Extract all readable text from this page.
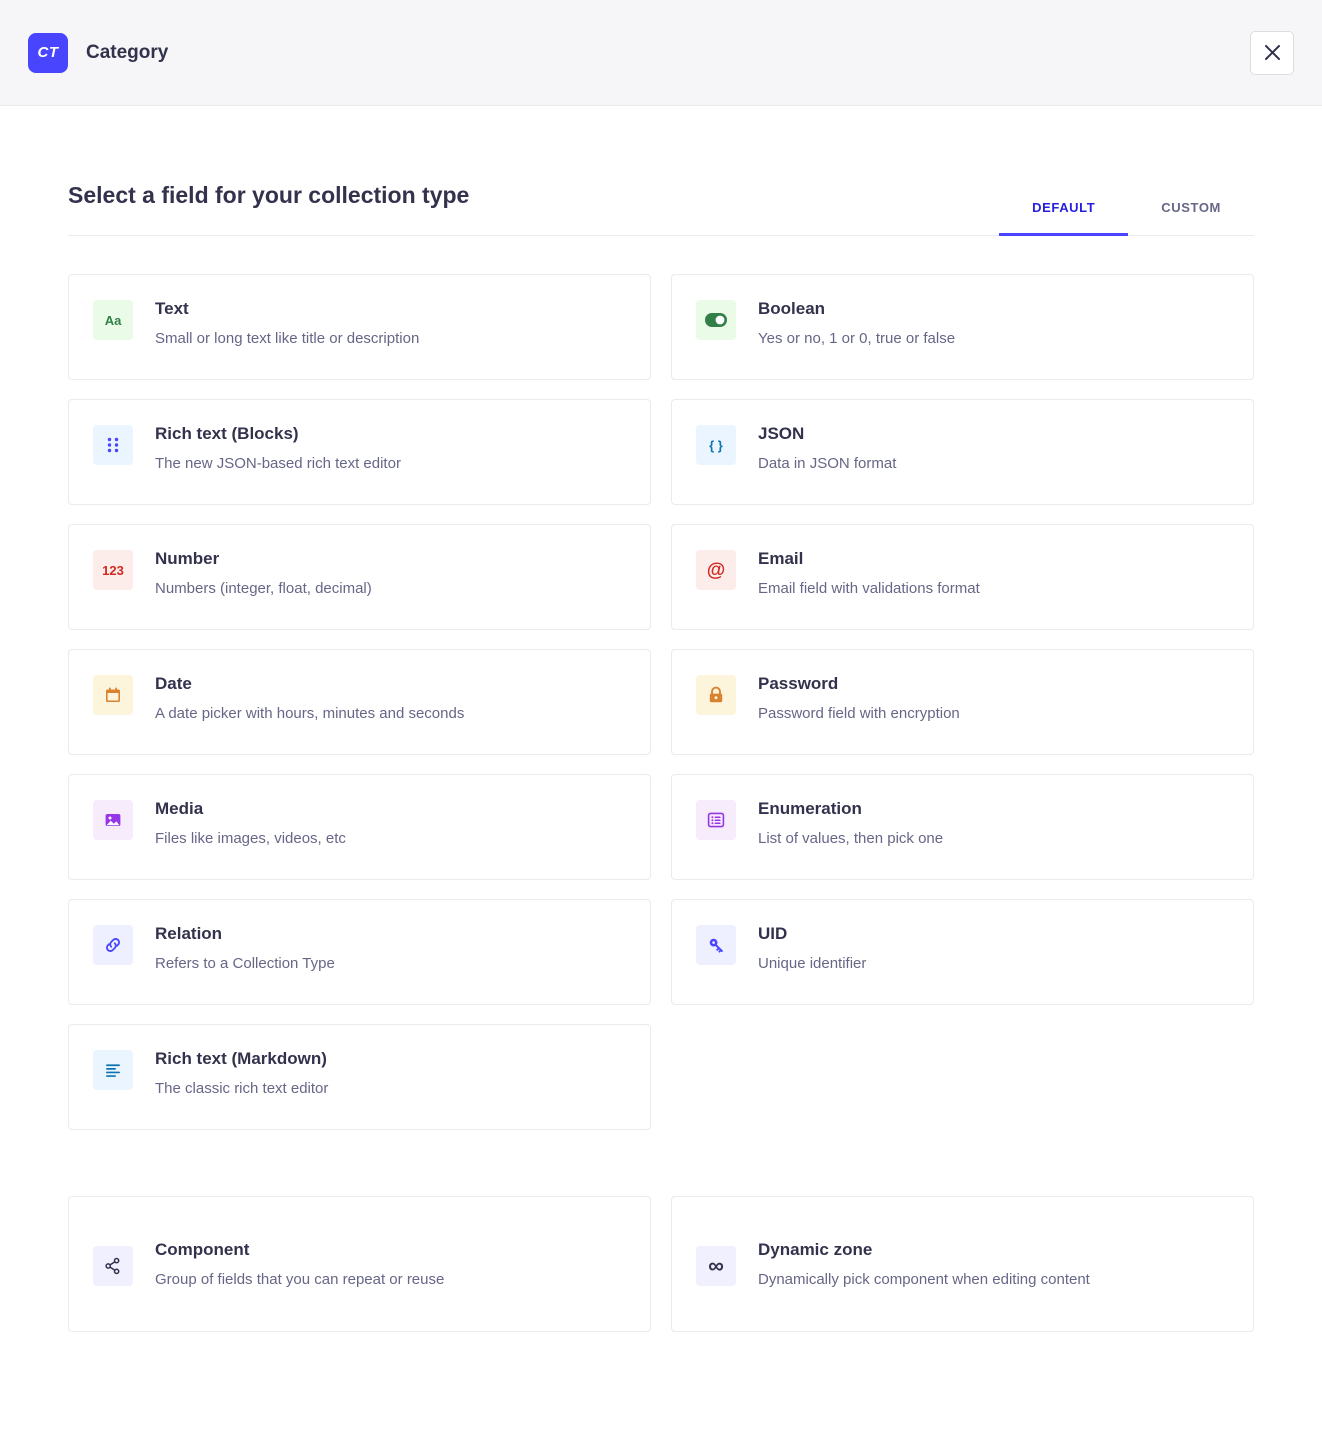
CT	Category
Select a field for your collection type	DEFAULT	CUSTOM
Aa
Text
Small or long text like title or description
Boolean
Yes or no, 1 or 0, true or false
Rich text (Blocks)
The new JSON-based rich text editor
{ }
JSON
Data in JSON format
123
Number
Numbers (integer, float, decimal)
@
Email
Email field with validations format
Date
A date picker with hours, minutes and seconds
Password
Password field with encryption
Media
Files like images, videos, etc
Enumeration
List of values, then pick one
Relation
Refers to a Collection Type
UID
Unique identifier
Rich text (Markdown)
The classic rich text editor
Component
Group of fields that you can repeat or reuse
∞
Dynamic zone
Dynamically pick component when editing content
